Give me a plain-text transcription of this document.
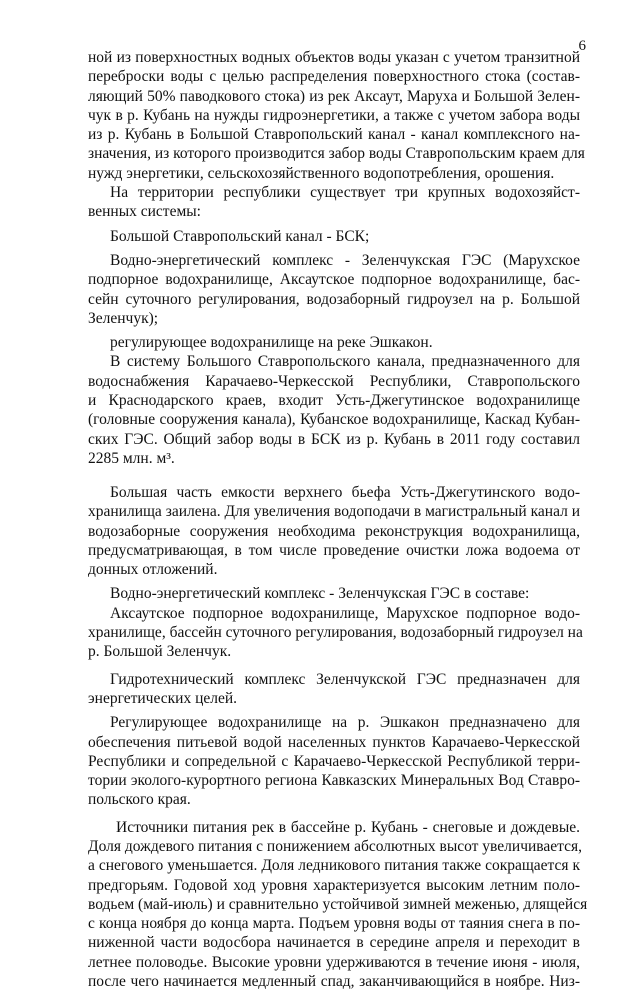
6
ной из поверхностных водных объектов воды указан с учетом транзитной
переброски воды с целью распределения поверхностного стока (состав-
ляющий 50% паводкового стока) из рек Аксаут, Маруха и Большой Зелен-
чук в р. Кубань на нужды гидроэнергетики, а также с учетом забора воды
из р. Кубань в Большой Ставропольский канал - канал комплексного на-
значения, из которого производится забор воды Ставропольским краем для
нужд энергетики, сельскохозяйственного водопотребления, орошения.
На территории республики существует три крупных водохозяйст-
венных системы:
Большой Ставропольский канал - БСК;
Водно-энергетический комплекс - Зеленчукская ГЭС (Марухское
подпорное водохранилище, Аксаутское подпорное водохранилище, бас-
сейн суточного регулирования, водозаборный гидроузел на р. Большой
Зеленчук);
регулирующее водохранилище на реке Эшкакон.
В систему Большого Ставропольского канала, предназначенного для
водоснабжения Карачаево-Черкесской Республики, Ставропольского
и Краснодарского краев, входит Усть-Джегутинское водохранилище
(головные сооружения канала), Кубанское водохранилище, Каскад Кубан-
ских ГЭС. Общий забор воды в БСК из р. Кубань в 2011 году составил
2285 млн. м³.
Большая часть емкости верхнего бьефа Усть-Джегутинского водо-
хранилища заилена. Для увеличения водоподачи в магистральный канал и
водозаборные сооружения необходима реконструкция водохранилища,
предусматривающая, в том числе проведение очистки ложа водоема от
донных отложений.
Водно-энергетический комплекс - Зеленчукская ГЭС в составе:
Аксаутское подпорное водохранилище, Марухское подпорное водо-
хранилище, бассейн суточного регулирования, водозаборный гидроузел на
р. Большой Зеленчук.
Гидротехнический комплекс Зеленчукской ГЭС предназначен для
энергетических целей.
Регулирующее водохранилище на р. Эшкакон предназначено для
обеспечения питьевой водой населенных пунктов Карачаево-Черкесской
Республики и сопредельной с Карачаево-Черкесской Республикой терри-
тории эколого-курортного региона Кавказских Минеральных Вод Ставро-
польского края.
Источники питания рек в бассейне р. Кубань - снеговые и дождевые.
Доля дождевого питания с понижением абсолютных высот увеличивается,
а снегового уменьшается. Доля ледникового питания также сокращается к
предгорьям. Годовой ход уровня характеризуется высоким летним поло-
водьем (май-июль) и сравнительно устойчивой зимней меженью, длящейся
с конца ноября до конца марта. Подъем уровня воды от таяния снега в по-
ниженной части водосбора начинается в середине апреля и переходит в
летнее половодье. Высокие уровни удерживаются в течение июня - июля,
после чего начинается медленный спад, заканчивающийся в ноябре. Низ-
